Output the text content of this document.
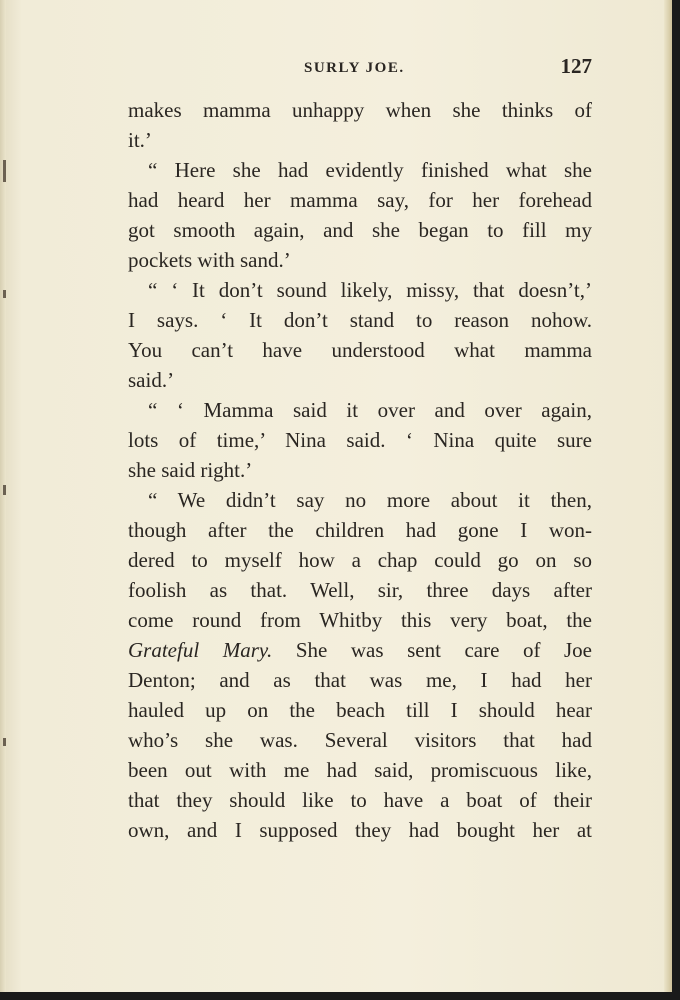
SURLY JOE.	127
makes mamma unhappy when she thinks of
it.’
“ Here she had evidently finished what she
had heard her mamma say, for her forehead
got smooth again, and she began to fill my
pockets with sand.’
“ ‘ It don’t sound likely, missy, that doesn’t,’
I says. ‘ It don’t stand to reason nohow.
You can’t have understood what mamma
said.’
“ ‘ Mamma said it over and over again,
lots of time,’ Nina said. ‘ Nina quite sure
she said right.’
“ We didn’t say no more about it then,
though after the children had gone I won-
dered to myself how a chap could go on so
foolish as that. Well, sir, three days after
come round from Whitby this very boat, the
Grateful Mary. She was sent care of Joe
Denton; and as that was me, I had her
hauled up on the beach till I should hear
who’s she was. Several visitors that had
been out with me had said, promiscuous like,
that they should like to have a boat of their
own, and I supposed they had bought her at
